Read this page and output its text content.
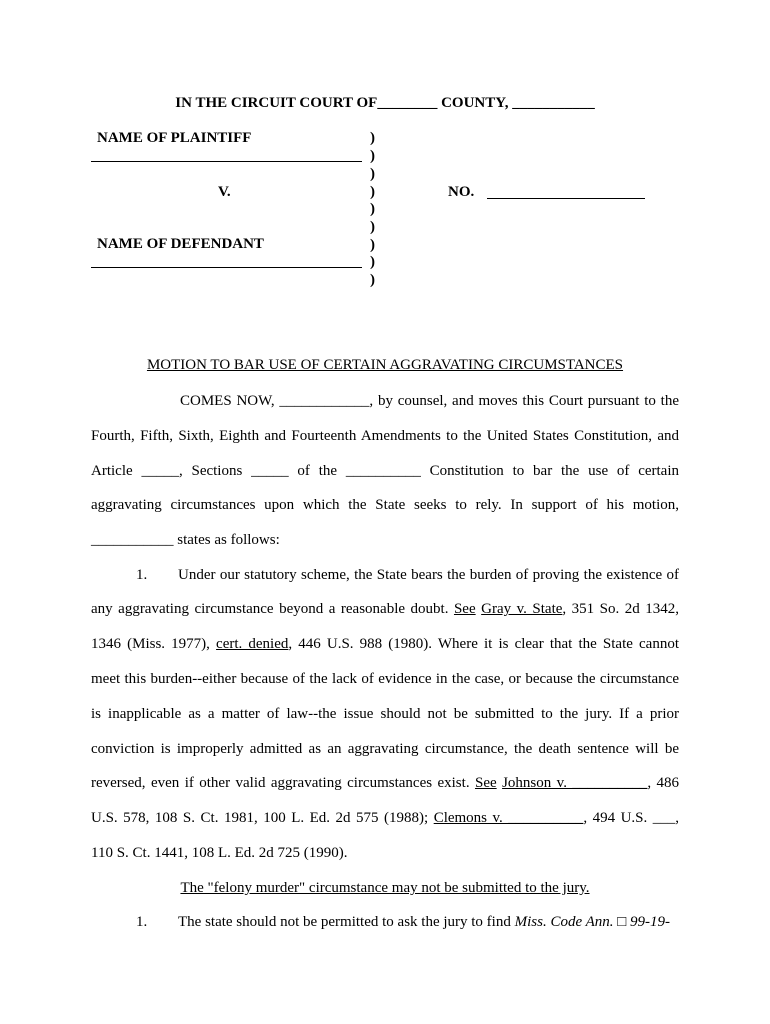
IN THE CIRCUIT COURT OF________ COUNTY, ___________
NAME OF PLAINTIFF
V.	NO.
NAME OF DEFENDANT
)
)
)
)
)
)
)
)
)
MOTION TO BAR USE OF CERTAIN AGGRAVATING CIRCUMSTANCES
COMES NOW, ____________, by counsel, and moves this Court pursuant to the
Fourth, Fifth, Sixth, Eighth and Fourteenth Amendments to the United States Constitution, and
Article _____, Sections _____ of the __________ Constitution to bar the use of certain
aggravating circumstances upon which the State seeks to rely. In support of his motion,
___________ states as follows:
1. Under our statutory scheme, the State bears the burden of proving the existence of
any aggravating circumstance beyond a reasonable doubt. See Gray v. State, 351 So. 2d 1342,
1346 (Miss. 1977), cert. denied, 446 U.S. 988 (1980). Where it is clear that the State cannot
meet this burden--either because of the lack of evidence in the case, or because the circumstance
is inapplicable as a matter of law--the issue should not be submitted to the jury. If a prior
conviction is improperly admitted as an aggravating circumstance, the death sentence will be
reversed, even if other valid aggravating circumstances exist. See Johnson v. __________, 486
U.S. 578, 108 S. Ct. 1981, 100 L. Ed. 2d 575 (1988); Clemons v. __________, 494 U.S. ___,
110 S. Ct. 1441, 108 L. Ed. 2d 725 (1990).
The "felony murder" circumstance may not be submitted to the jury.
1. The state should not be permitted to ask the jury to find Miss. Code Ann. □ 99-19-
